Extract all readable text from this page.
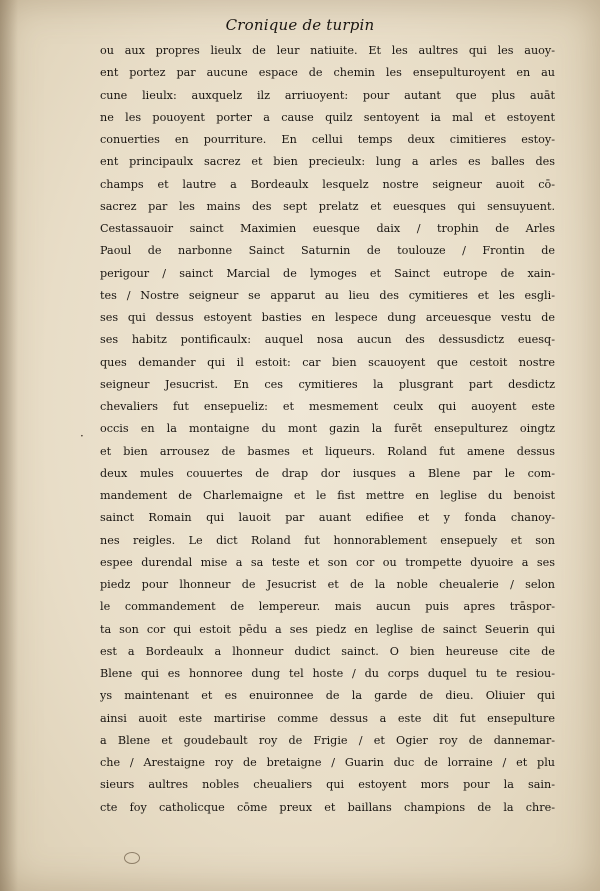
Cronique de turpin
ou aux propres lieulx de leur natiuite. Et les aultres qui les auoy-
ent portez par aucune espace de chemin les ensepulturoyent en au
cune lieulx: auxquelz ilz arriuoyent: pour autant que plus auāt
ne les pouoyent porter a cause quilz sentoyent ia mal et estoyent
conuerties en pourriture. En cellui temps deux cimitieres estoy-
ent principaulx sacrez et bien precieulx: lung a arles es balles des
champs et lautre a Bordeaulx lesquelz nostre seigneur auoit cō-
sacrez par les mains des sept prelatz et euesques qui sensuyuent.
Cestassauoir sainct Maximien euesque daix / trophin de Arles
Paoul de narbonne Sainct Saturnin de toulouze / Frontin de
perigour / sainct Marcial de lymoges et Sainct eutrope de xain-
tes / Nostre seigneur se apparut au lieu des cymitieres et les esgli-
ses qui dessus estoyent basties en lespece dung arceuesque vestu de
ses habitz pontificaulx: auquel nosa aucun des dessusdictz euesq-
ques demander qui il estoit: car bien scauoyent que cestoit nostre
seigneur Jesucrist. En ces cymitieres la plusgrant part desdictz
chevaliers fut ensepueliz: et mesmement ceulx qui auoyent este
occis en la montaigne du mont gazin la furēt ensepulturez oingtz
et bien arrousez de basmes et liqueurs. Roland fut amene dessus
deux mules couuertes de drap dor iusques a Blene par le com-
mandement de Charlemaigne et le fist mettre en leglise du benoist
sainct Romain qui lauoit par auant edifiee et y fonda chanoy-
nes reigles. Le dict Roland fut honnorablement ensepuely et son
espee durendal mise a sa teste et son cor ou trompette dyuoire a ses
piedz pour lhonneur de Jesucrist et de la noble cheualerie / selon
le commandement de lempereur. mais aucun puis apres trāspor-
ta son cor qui estoit pēdu a ses piedz en leglise de sainct Seuerin qui
est a Bordeaulx a lhonneur dudict sainct. O bien heureuse cite de
Blene qui es honnoree dung tel hoste / du corps duquel tu te resiou-
ys maintenant et es enuironnee de la garde de dieu. Oliuier qui
ainsi auoit este martirise comme dessus a este dit fut ensepulture
a Blene et goudebault roy de Frigie / et Ogier roy de dannemar-
che / Arestaigne roy de bretaigne / Guarin duc de lorraine / et plu
sieurs aultres nobles cheualiers qui estoyent mors pour la sain-
cte foy catholicque cōme preux et baillans champions de la chre-
·
